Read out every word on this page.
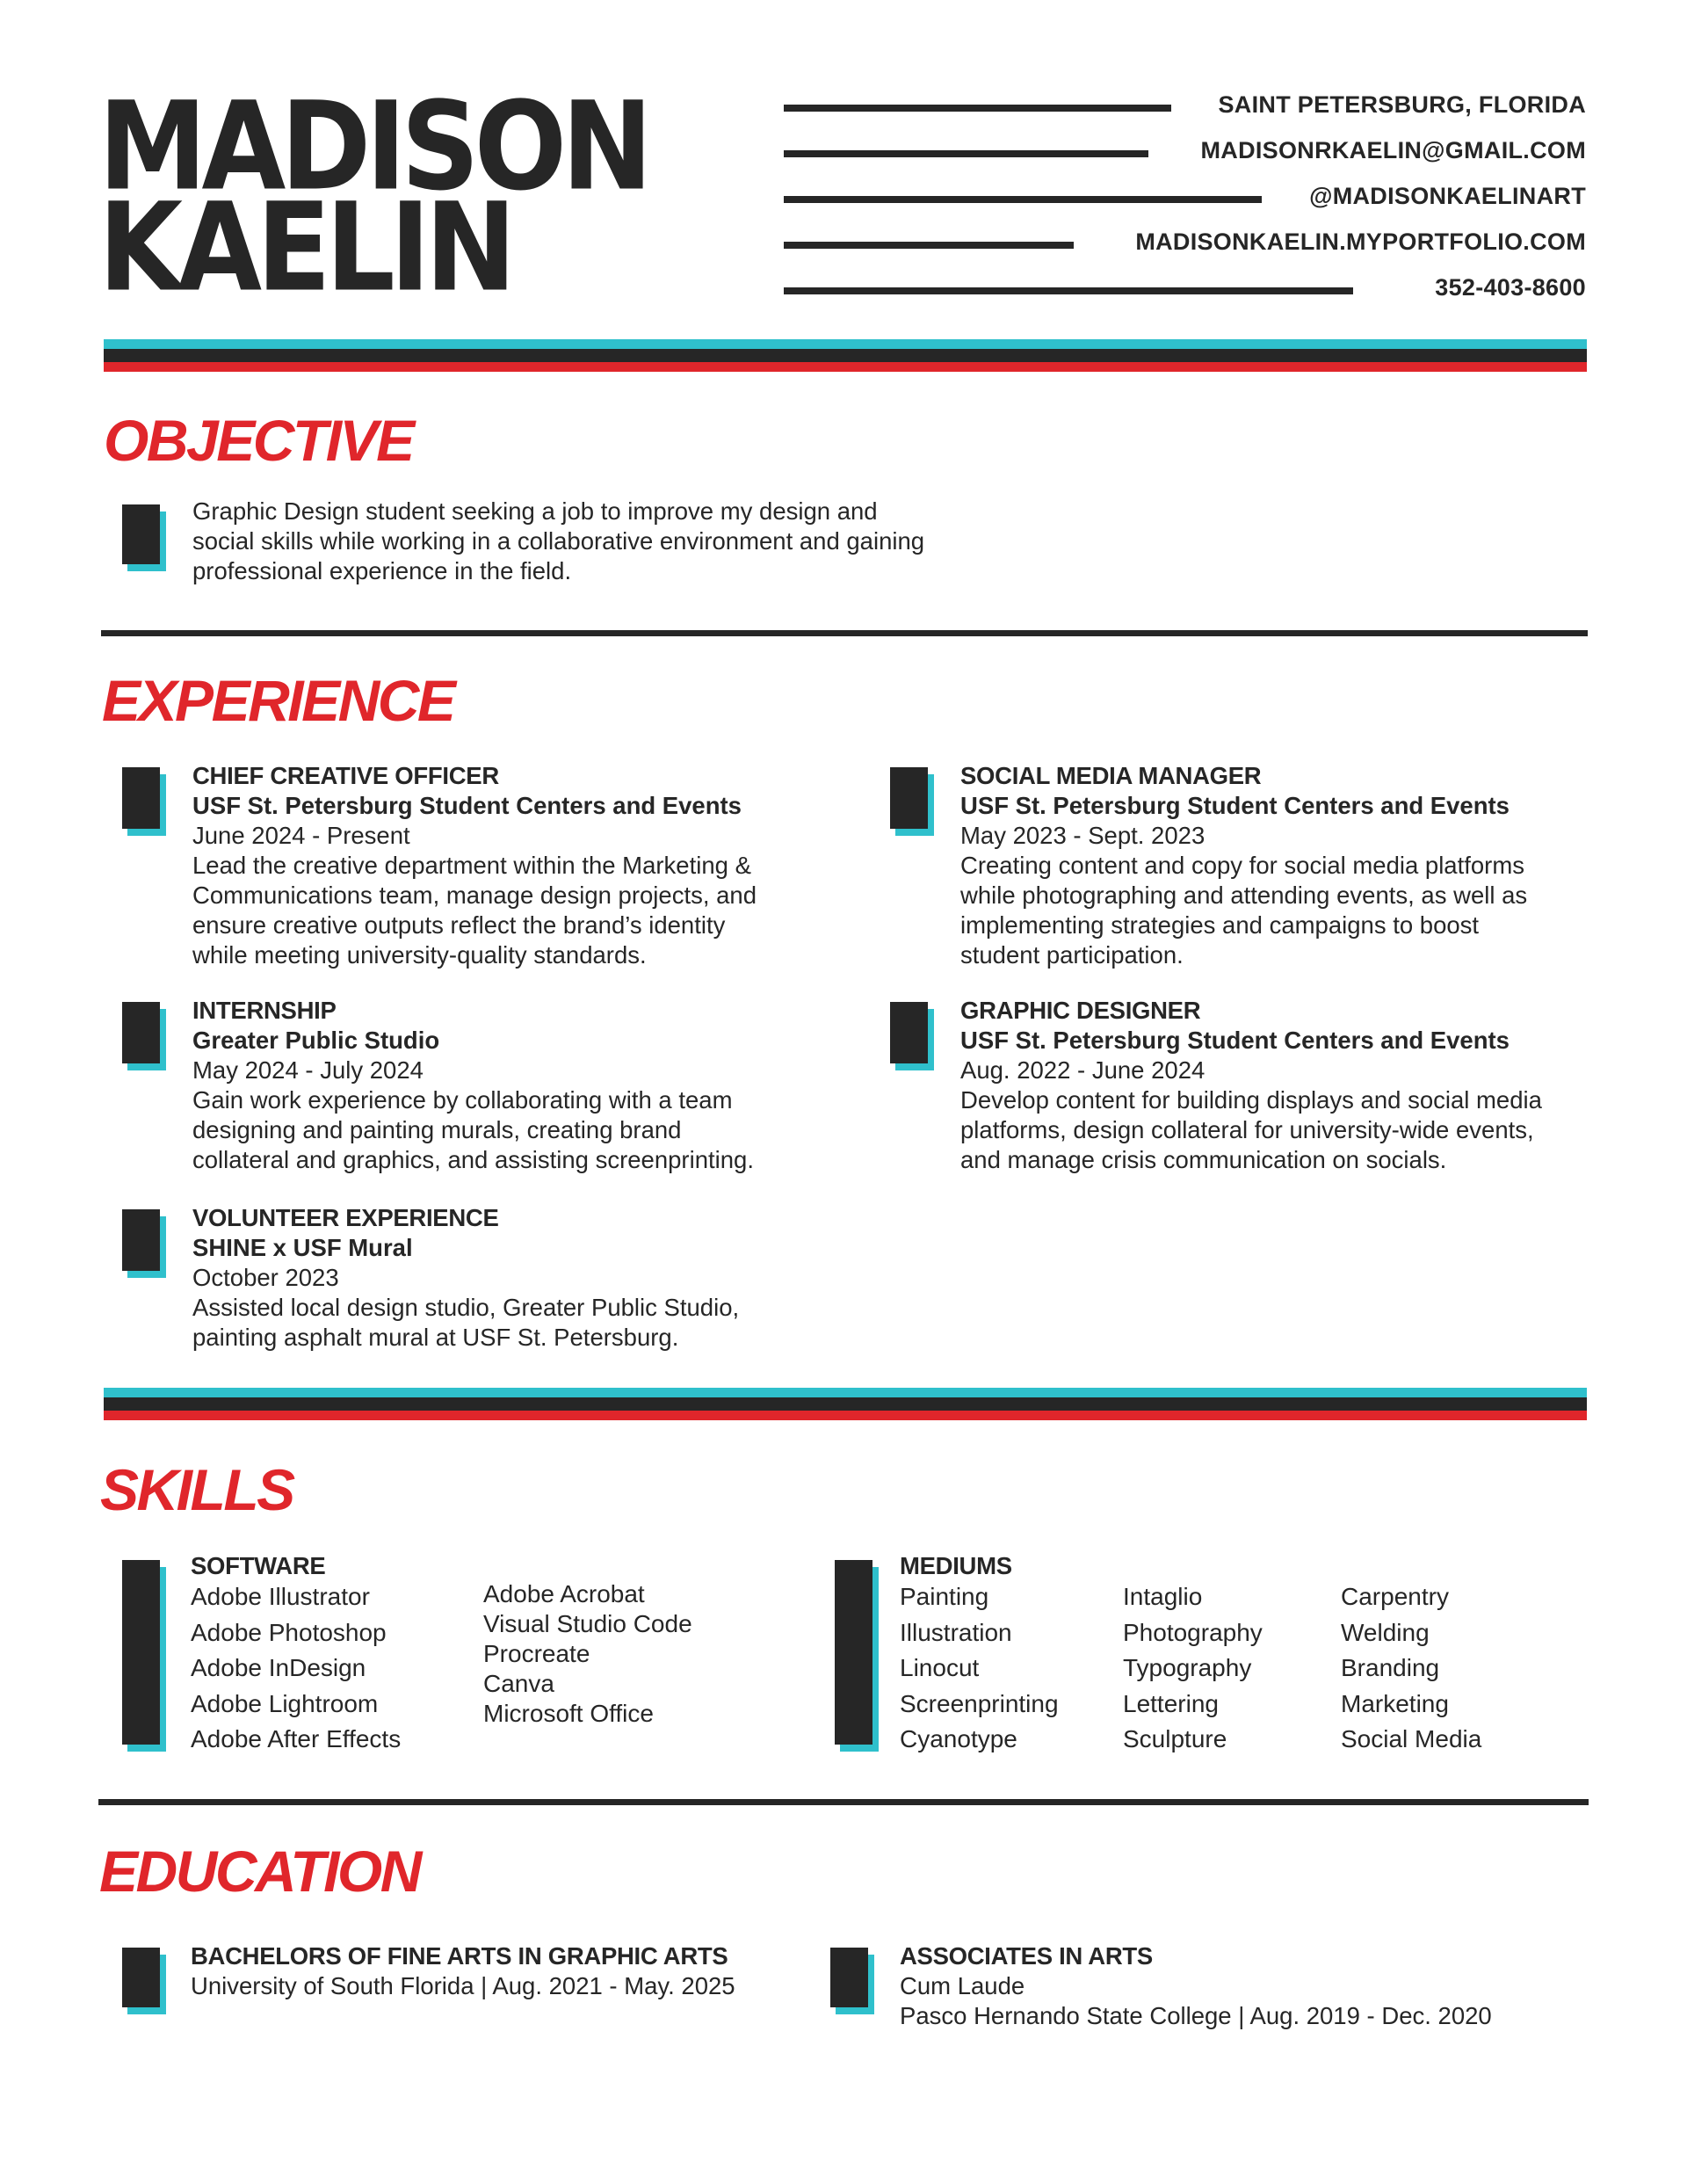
MADISON
KAELIN
SAINT PETERSBURG, FLORIDA
MADISONRKAELIN@GMAIL.COM
@MADISONKAELINART
MADISONKAELIN.MYPORTFOLIO.COM
352-403-8600
OBJECTIVE
Graphic Design student seeking a job to improve my design and
social skills while working in a collaborative environment and gaining
professional experience in the field.
EXPERIENCE
CHIEF CREATIVE OFFICER
USF St. Petersburg Student Centers and Events
June 2024 - Present
Lead the creative department within the Marketing &
Communications team, manage design projects, and
ensure creative outputs reflect the brand’s identity
while meeting university-quality standards.
SOCIAL MEDIA MANAGER
USF St. Petersburg Student Centers and Events
May 2023 - Sept. 2023
Creating content and copy for social media platforms
while photographing and attending events, as well as
implementing strategies and campaigns to boost
student participation.
INTERNSHIP
Greater Public Studio
May 2024 - July 2024
Gain work experience by collaborating with a team
designing and painting murals, creating brand
collateral and graphics, and assisting screenprinting.
GRAPHIC DESIGNER
USF St. Petersburg Student Centers and Events
Aug. 2022 - June 2024
Develop content for building displays and social media
platforms, design collateral for university-wide events,
and manage crisis communication on socials.
VOLUNTEER EXPERIENCE
SHINE x USF Mural
October 2023
Assisted local design studio, Greater Public Studio,
painting asphalt mural at USF St. Petersburg.
SKILLS
SOFTWARE
Adobe Illustrator
Adobe Photoshop
Adobe InDesign
Adobe Lightroom
Adobe After Effects
Adobe Acrobat
Visual Studio Code
Procreate
Canva
Microsoft Office
MEDIUMS
Painting
Illustration
Linocut
Screenprinting
Cyanotype
Intaglio
Photography
Typography
Lettering
Sculpture
Carpentry
Welding
Branding
Marketing
Social Media
EDUCATION
BACHELORS OF FINE ARTS IN GRAPHIC ARTS
University of South Florida | Aug. 2021 - May. 2025
ASSOCIATES IN ARTS
Cum Laude
Pasco Hernando State College | Aug. 2019 - Dec. 2020
